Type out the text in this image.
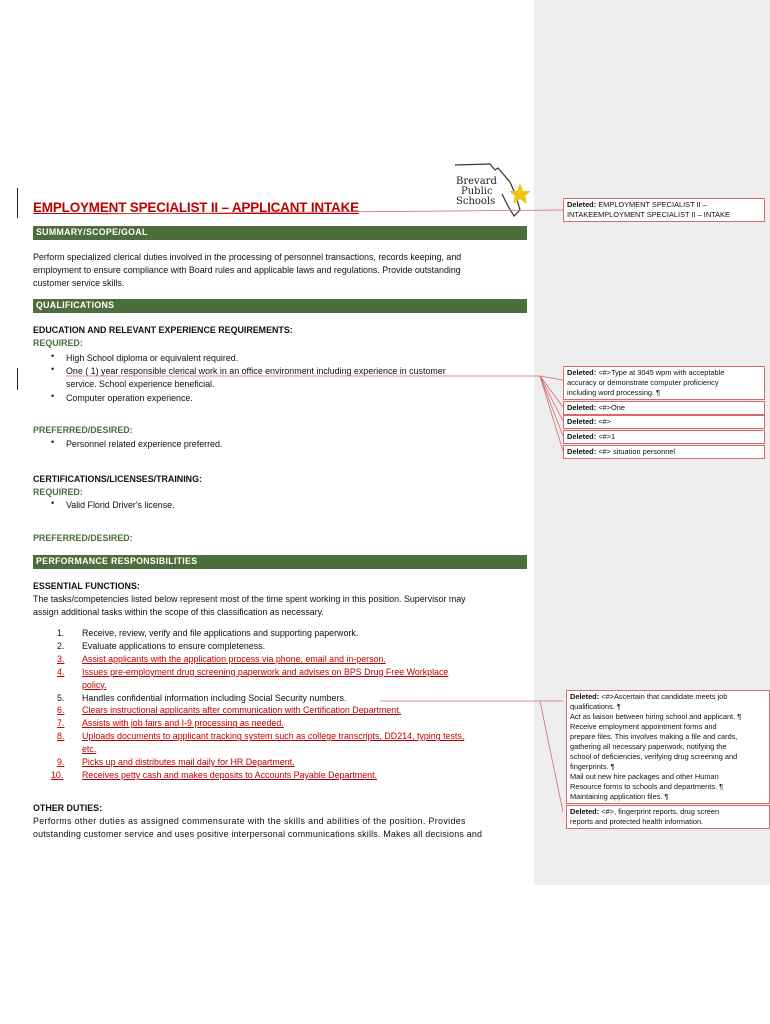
EMPLOYMENT SPECIALIST II – APPLICANT INTAKE
Brevard
Public
Schools
SUMMARY/SCOPE/GOAL
Perform specialized clerical duties involved in the processing of personnel transactions, records keeping, and
employment to ensure compliance with Board rules and applicable laws and regulations. Provide outstanding
customer service skills.
QUALIFICATIONS
EDUCATION AND RELEVANT EXPERIENCE REQUIREMENTS:
REQUIRED:
• High School diploma or equivalent required.
• One ( 1) year responsible clerical work in an office environment including experience in customer
service. School experience beneficial.
• Computer operation experience.
PREFERRED/DESIRED:
• Personnel related experience preferred.
CERTIFICATIONS/LICENSES/TRAINING:
REQUIRED:
• Valid Florid Driver's license.
PREFERRED/DESIRED:
PERFORMANCE RESPONSIBILITIES
ESSENTIAL FUNCTIONS:
The tasks/competencies listed below represent most of the time spent working in this position. Supervisor may
assign additional tasks within the scope of this classification as necessary.
1. Receive, review, verify and file applications and supporting paperwork.
2. Evaluate applications to ensure completeness.
3. Assist applicants with the application process via phone, email and in-person.
4. Issues pre-employment drug screening paperwork and advises on BPS Drug Free Workplace
policy.
5. Handles confidential information including Social Security numbers.
6. Clears instructional applicants after communication with Certification Department.
7. Assists with job fairs and I-9 processing as needed.
8. Uploads documents to applicant tracking system such as college transcripts, DD214, typing tests,
etc.
9. Picks up and distributes mail daily for HR Department.
10. Receives petty cash and makes deposits to Accounts Payable Department.
OTHER DUTIES:
Performs other duties as assigned commensurate with the skills and abilities of the position. Provides
outstanding customer service and uses positive interpersonal communications skills. Makes all decisions and
Deleted: EMPLOYMENT SPECIALIST II –
INTAKEEMPLOYMENT SPECIALIST II – INTAKE
Deleted: <#>Type at 3045 wpm with acceptable
accuracy or demonstrate computer proficiency
including word processing. ¶
Deleted: <#>One
Deleted: <#>
Deleted: <#>1
Deleted: <#> situation personnel
Deleted: <#>Ascertain that candidate meets job
qualifications. ¶
Act as liaison between hiring school and applicant. ¶
Receive employment appointment forms and
prepare files. This involves making a file and cards,
gathering all necessary paperwork, notifying the
school of deficiencies, verifying drug screening and
fingerprints. ¶
Mail out new hire packages and other Human
Resource forms to schools and departments. ¶
Maintaining application files. ¶
Deleted: <#>, fingerprint reports, drug screen
reports and protected health information.
